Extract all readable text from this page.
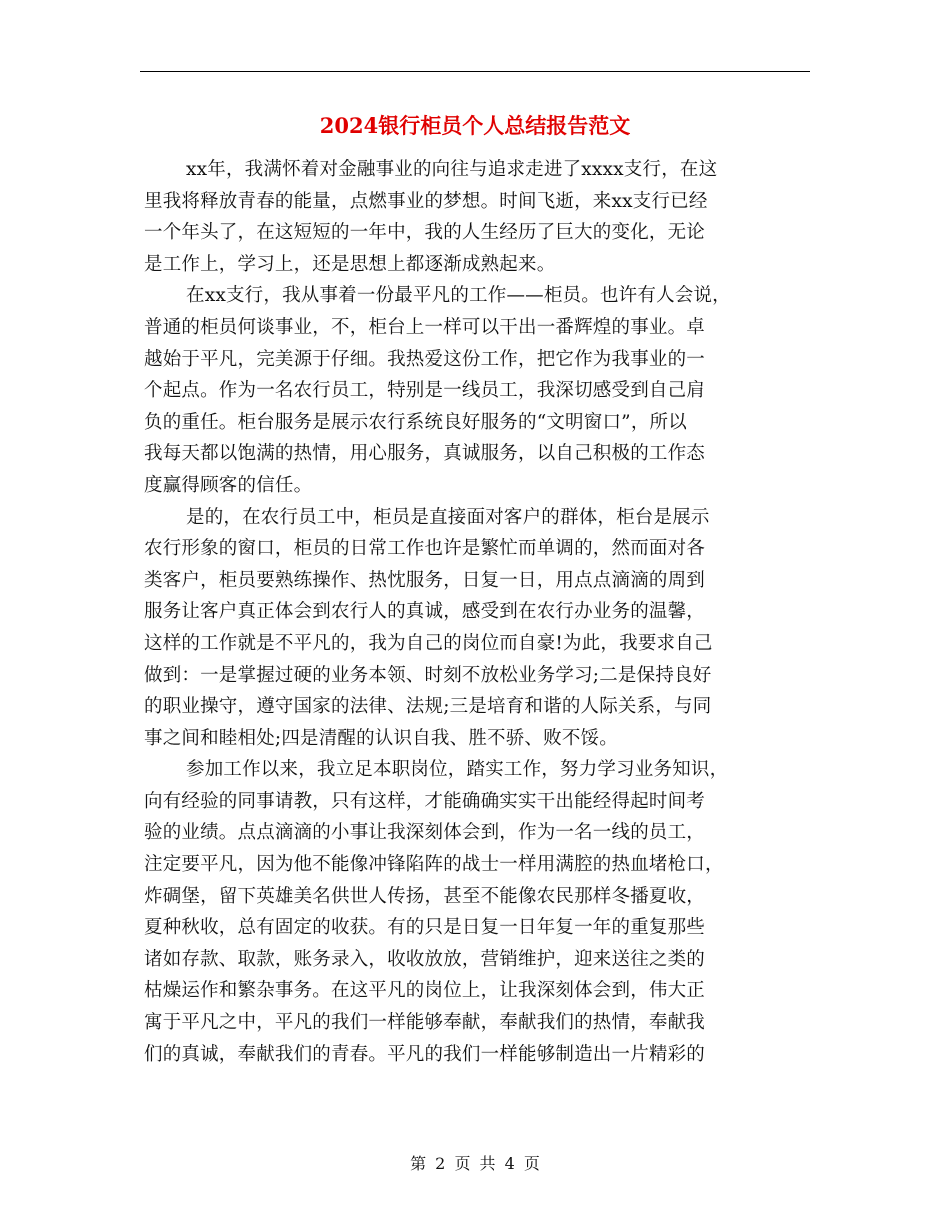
2024银行柜员个人总结报告范文
xx年，我满怀着对金融事业的向往与追求走进了xxxx支行，在这
里我将释放青春的能量，点燃事业的梦想。时间飞逝，来xx支行已经
一个年头了，在这短短的一年中，我的人生经历了巨大的变化，无论
是工作上，学习上，还是思想上都逐渐成熟起来。
在xx支行，我从事着一份最平凡的工作——柜员。也许有人会说，
普通的柜员何谈事业，不，柜台上一样可以干出一番辉煌的事业。卓
越始于平凡，完美源于仔细。我热爱这份工作，把它作为我事业的一
个起点。作为一名农行员工，特别是一线员工，我深切感受到自己肩
负的重任。柜台服务是展示农行系统良好服务的“文明窗口”，所以
我每天都以饱满的热情，用心服务，真诚服务，以自己积极的工作态
度赢得顾客的信任。
是的，在农行员工中，柜员是直接面对客户的群体，柜台是展示
农行形象的窗口，柜员的日常工作也许是繁忙而单调的，然而面对各
类客户，柜员要熟练操作、热忱服务，日复一日，用点点滴滴的周到
服务让客户真正体会到农行人的真诚，感受到在农行办业务的温馨，
这样的工作就是不平凡的，我为自己的岗位而自豪!为此，我要求自己
做到：一是掌握过硬的业务本领、时刻不放松业务学习;二是保持良好
的职业操守，遵守国家的法律、法规;三是培育和谐的人际关系，与同
事之间和睦相处;四是清醒的认识自我、胜不骄、败不馁。
参加工作以来，我立足本职岗位，踏实工作，努力学习业务知识，
向有经验的同事请教，只有这样，才能确确实实干出能经得起时间考
验的业绩。点点滴滴的小事让我深刻体会到，作为一名一线的员工，
注定要平凡，因为他不能像冲锋陷阵的战士一样用满腔的热血堵枪口，
炸碉堡，留下英雄美名供世人传扬，甚至不能像农民那样冬播夏收，
夏种秋收，总有固定的收获。有的只是日复一日年复一年的重复那些
诸如存款、取款，账务录入，收收放放，营销维护，迎来送往之类的
枯燥运作和繁杂事务。在这平凡的岗位上，让我深刻体会到，伟大正
寓于平凡之中，平凡的我们一样能够奉献，奉献我们的热情，奉献我
们的真诚，奉献我们的青春。平凡的我们一样能够制造出一片精彩的
第 2 页 共 4 页
